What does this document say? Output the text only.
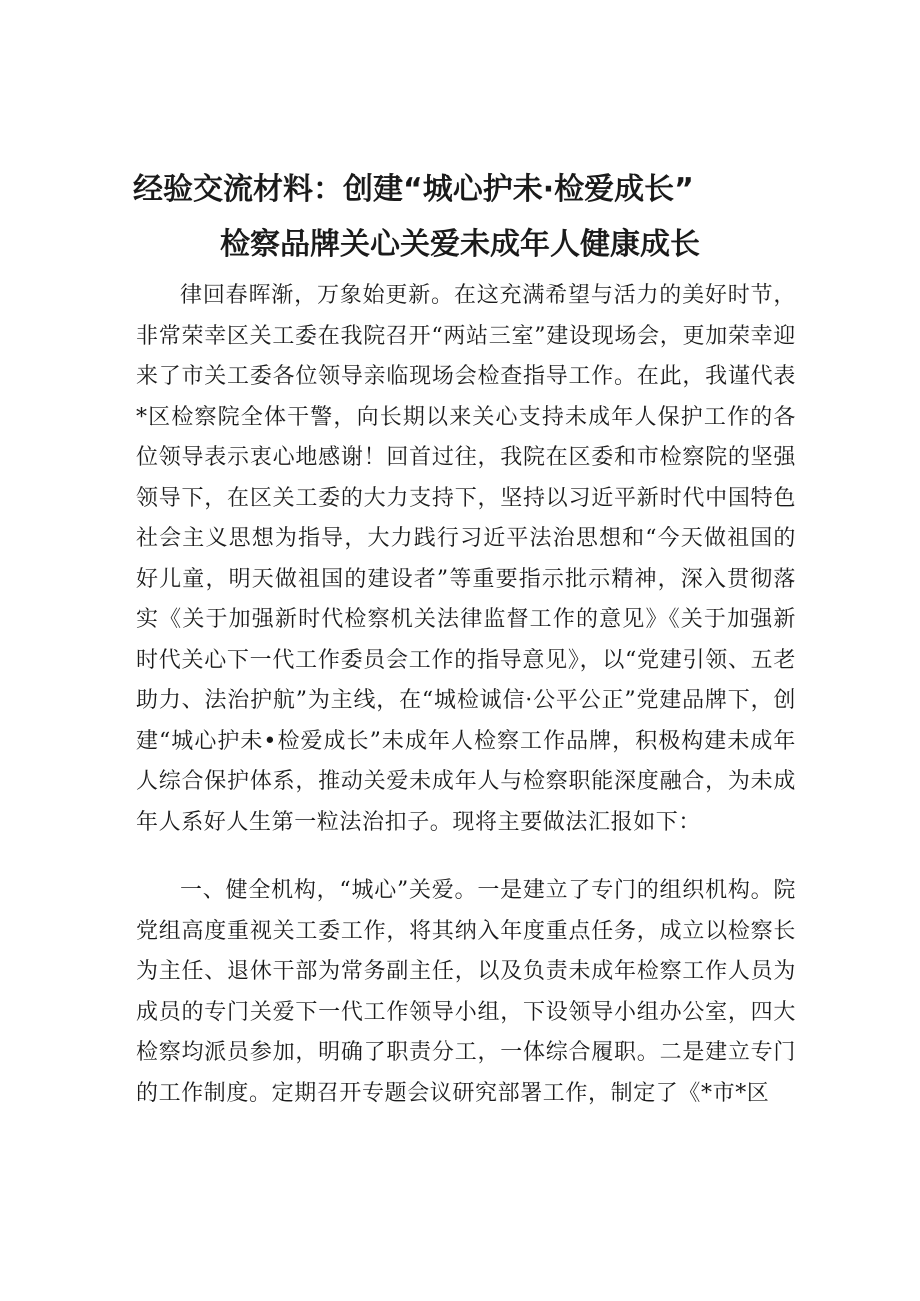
经验交流材料：创建“城心护未·检爱成长”
检察品牌关心关爱未成年人健康成长

律回春晖渐，万象始更新。在这充满希望与活力的美好时节，非常荣幸区关工委在我院召开“两站三室”建设现场会，更加荣幸迎来了市关工委各位领导亲临现场会检查指导工作。在此，我谨代表*区检察院全体干警，向长期以来关心支持未成年人保护工作的各位领导表示衷心地感谢！回首过往，我院在区委和市检察院的坚强领导下，在区关工委的大力支持下，坚持以习近平新时代中国特色社会主义思想为指导，大力践行习近平法治思想和“今天做祖国的好儿童，明天做祖国的建设者”等重要指示批示精神，深入贯彻落实《关于加强新时代检察机关法律监督工作的意见》《关于加强新时代关心下一代工作委员会工作的指导意见》，以“党建引领、五老助力、法治护航”为主线，在“城检诚信·公平公正”党建品牌下，创建“城心护未•检爱成长”未成年人检察工作品牌，积极构建未成年人综合保护体系，推动关爱未成年人与检察职能深度融合，为未成年人系好人生第一粒法治扣子。现将主要做法汇报如下：

一、健全机构，“城心”关爱。一是建立了专门的组织机构。院党组高度重视关工委工作，将其纳入年度重点任务，成立以检察长为主任、退休干部为常务副主任，以及负责未成年检察工作人员为成员的专门关爱下一代工作领导小组，下设领导小组办公室，四大检察均派员参加，明确了职责分工，一体综合履职。二是建立专门的工作制度。定期召开专题会议研究部署工作，制定了《*市*区
